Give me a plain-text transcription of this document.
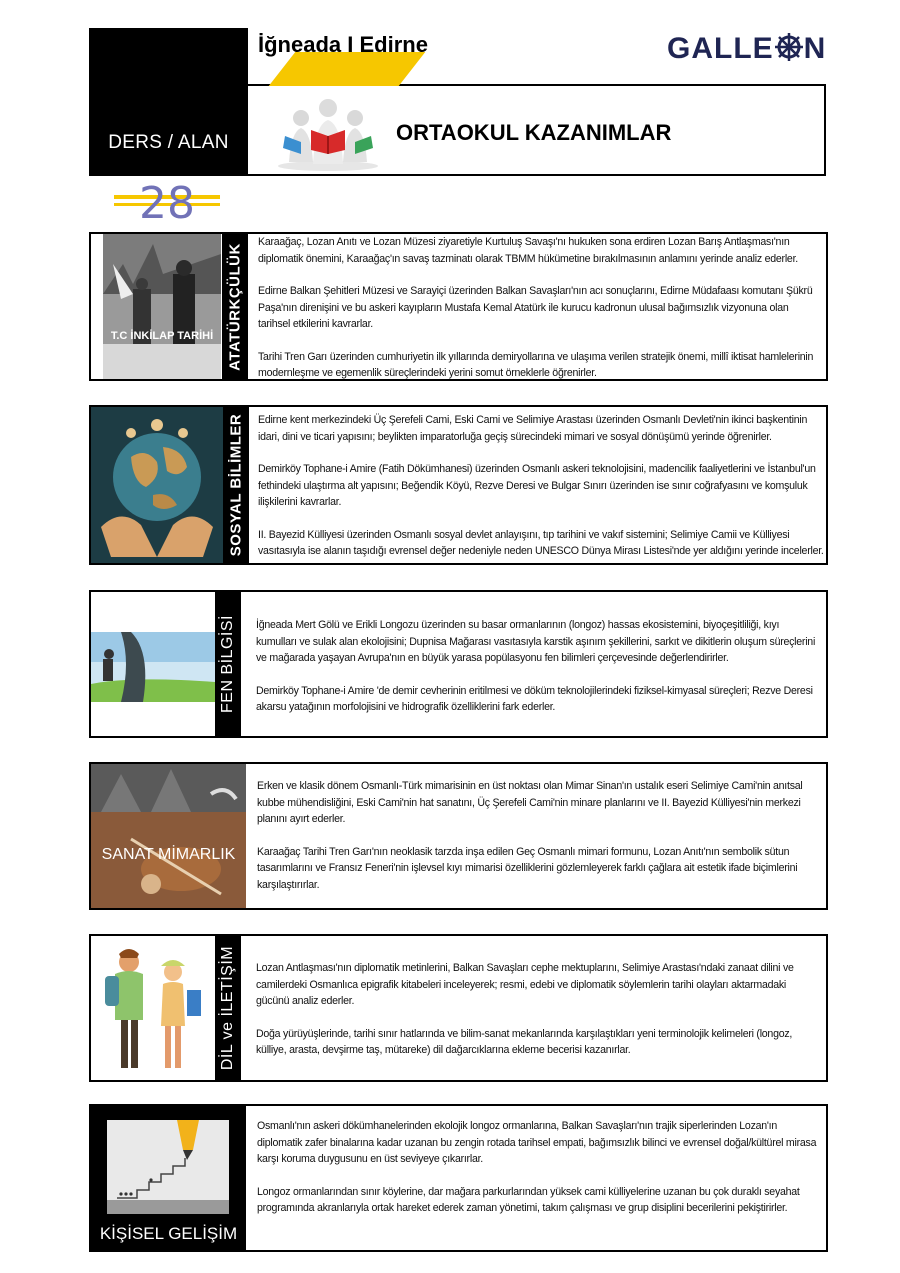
DERS / ALAN
İğneada I Edirne	GALLE N
ORTAOKUL KAZANIMLAR
28
T.C İNKİLAP TARİHİ ATATÜRKÇÜLÜK

Karaağaç, Lozan Anıtı ve Lozan Müzesi ziyaretiyle Kurtuluş Savaşı'nı hukuken sona erdiren Lozan Barış Antlaşması'nın diplomatik önemini, Karaağaç'ın savaş tazminatı olarak TBMM hükümetine bırakılmasının anlamını yerinde analiz ederler.

Edirne Balkan Şehitleri Müzesi ve Sarayiçi üzerinden Balkan Savaşları'nın acı sonuçlarını, Edirne Müdafaası komutanı Şükrü Paşa'nın direnişini ve bu askeri kayıpların Mustafa Kemal Atatürk ile kurucu kadronun ulusal bağımsızlık vizyonuna olan tarihsel etkilerini kavrarlar.

Tarihi Tren Garı üzerinden cumhuriyetin ilk yıllarında demiryollarına ve ulaşıma verilen stratejik önemi, millî iktisat hamlelerinin modernleşme ve egemenlik süreçlerindeki yerini somut örneklerle öğrenirler.

SOSYAL BİLİMLER Edirne kent merkezindeki Üç Şerefeli Cami, Eski Cami ve Selimiye Arastası üzerinden Osmanlı Devleti'nin ikinci başkentinin idari, dini ve ticari yapısını; beylikten imparatorluğa geçiş sürecindeki mimari ve sosyal dönüşümü yerinde öğrenirler.

Demirköy Tophane-i Amire (Fatih Dökümhanesi) üzerinden Osmanlı askeri teknolojisini, madencilik faaliyetlerini ve İstanbul'un fethindeki ulaştırma alt yapısını; Beğendik Köyü, Rezve Deresi ve Bulgar Sınırı üzerinden ise sınır coğrafyasını ve komşuluk ilişkilerini kavrarlar.

II. Bayezid Külliyesi üzerinden Osmanlı sosyal devlet anlayışını, tıp tarihini ve vakıf sistemini; Selimiye Camii ve Külliyesi vasıtasıyla ise alanın taşıdığı evrensel değer nedeniyle neden UNESCO Dünya Mirası Listesi'nde yer aldığını yerinde incelerler.

FEN BİLGİSİ İğneada Mert Gölü ve Erikli Longozu üzerinden su basar ormanlarının (longoz) hassas ekosistemini, biyoçeşitliliği, kıyı kumulları ve sulak alan ekolojisini; Dupnisa Mağarası vasıtasıyla karstik aşınım şekillerini, sarkıt ve dikitlerin oluşum süreçlerini ve mağarada yaşayan Avrupa'nın en büyük yarasa popülasyonu fen bilimleri çerçevesinde değerlendirirler.

Demirköy Tophane-i Amire 'de demir cevherinin eritilmesi ve döküm teknolojilerindeki fiziksel-kimyasal süreçleri; Rezve Deresi akarsu yatağının morfolojisini ve hidrografik özelliklerini fark ederler.

SANAT MİMARLIK

Erken ve klasik dönem Osmanlı-Türk mimarisinin en üst noktası olan Mimar Sinan'ın ustalık eseri Selimiye Cami'nin anıtsal kubbe mühendisliğini, Eski Cami'nin hat sanatını, Üç Şerefeli Cami'nin minare planlarını ve II. Bayezid Külliyesi'nin merkezi planını ayırt ederler.

Karaağaç Tarihi Tren Garı'nın neoklasik tarzda inşa edilen Geç Osmanlı mimari formunu, Lozan Anıtı'nın sembolik sütun tasarımlarını ve Fransız Feneri'nin işlevsel kıyı mimarisi özelliklerini gözlemleyerek farklı çağlara ait estetik ifade biçimlerini karşılaştırırlar.

DİL ve İLETİŞİM Lozan Antlaşması'nın diplomatik metinlerini, Balkan Savaşları cephe mektuplarını, Selimiye Arastası'ndaki zanaat dilini ve camilerdeki Osmanlıca epigrafik kitabeleri inceleyerek; resmi, edebi ve diplomatik söylemlerin tarihi olayları aktarmadaki gücünü analiz ederler.

Doğa yürüyüşlerinde, tarihi sınır hatlarında ve bilim-sanat mekanlarında karşılaştıkları yeni terminolojik kelimeleri (longoz, külliye, arasta, devşirme taş, mütareke) dil dağarcıklarına ekleme becerisi kazanırlar.

KİŞİSEL GELİŞİM

Osmanlı'nın askeri dökümhanelerinden ekolojik longoz ormanlarına, Balkan Savaşları'nın trajik siperlerinden Lozan'ın diplomatik zafer binalarına kadar uzanan bu zengin rotada tarihsel empati, bağımsızlık bilinci ve evrensel doğal/kültürel mirasa karşı koruma duygusunu en üst seviyeye çıkarırlar.

Longoz ormanlarından sınır köylerine, dar mağara parkurlarından yüksek cami külliyelerine uzanan bu çok duraklı seyahat programında akranlarıyla ortak hareket ederek zaman yönetimi, takım çalışması ve grup disiplini becerilerini pekiştirirler.
